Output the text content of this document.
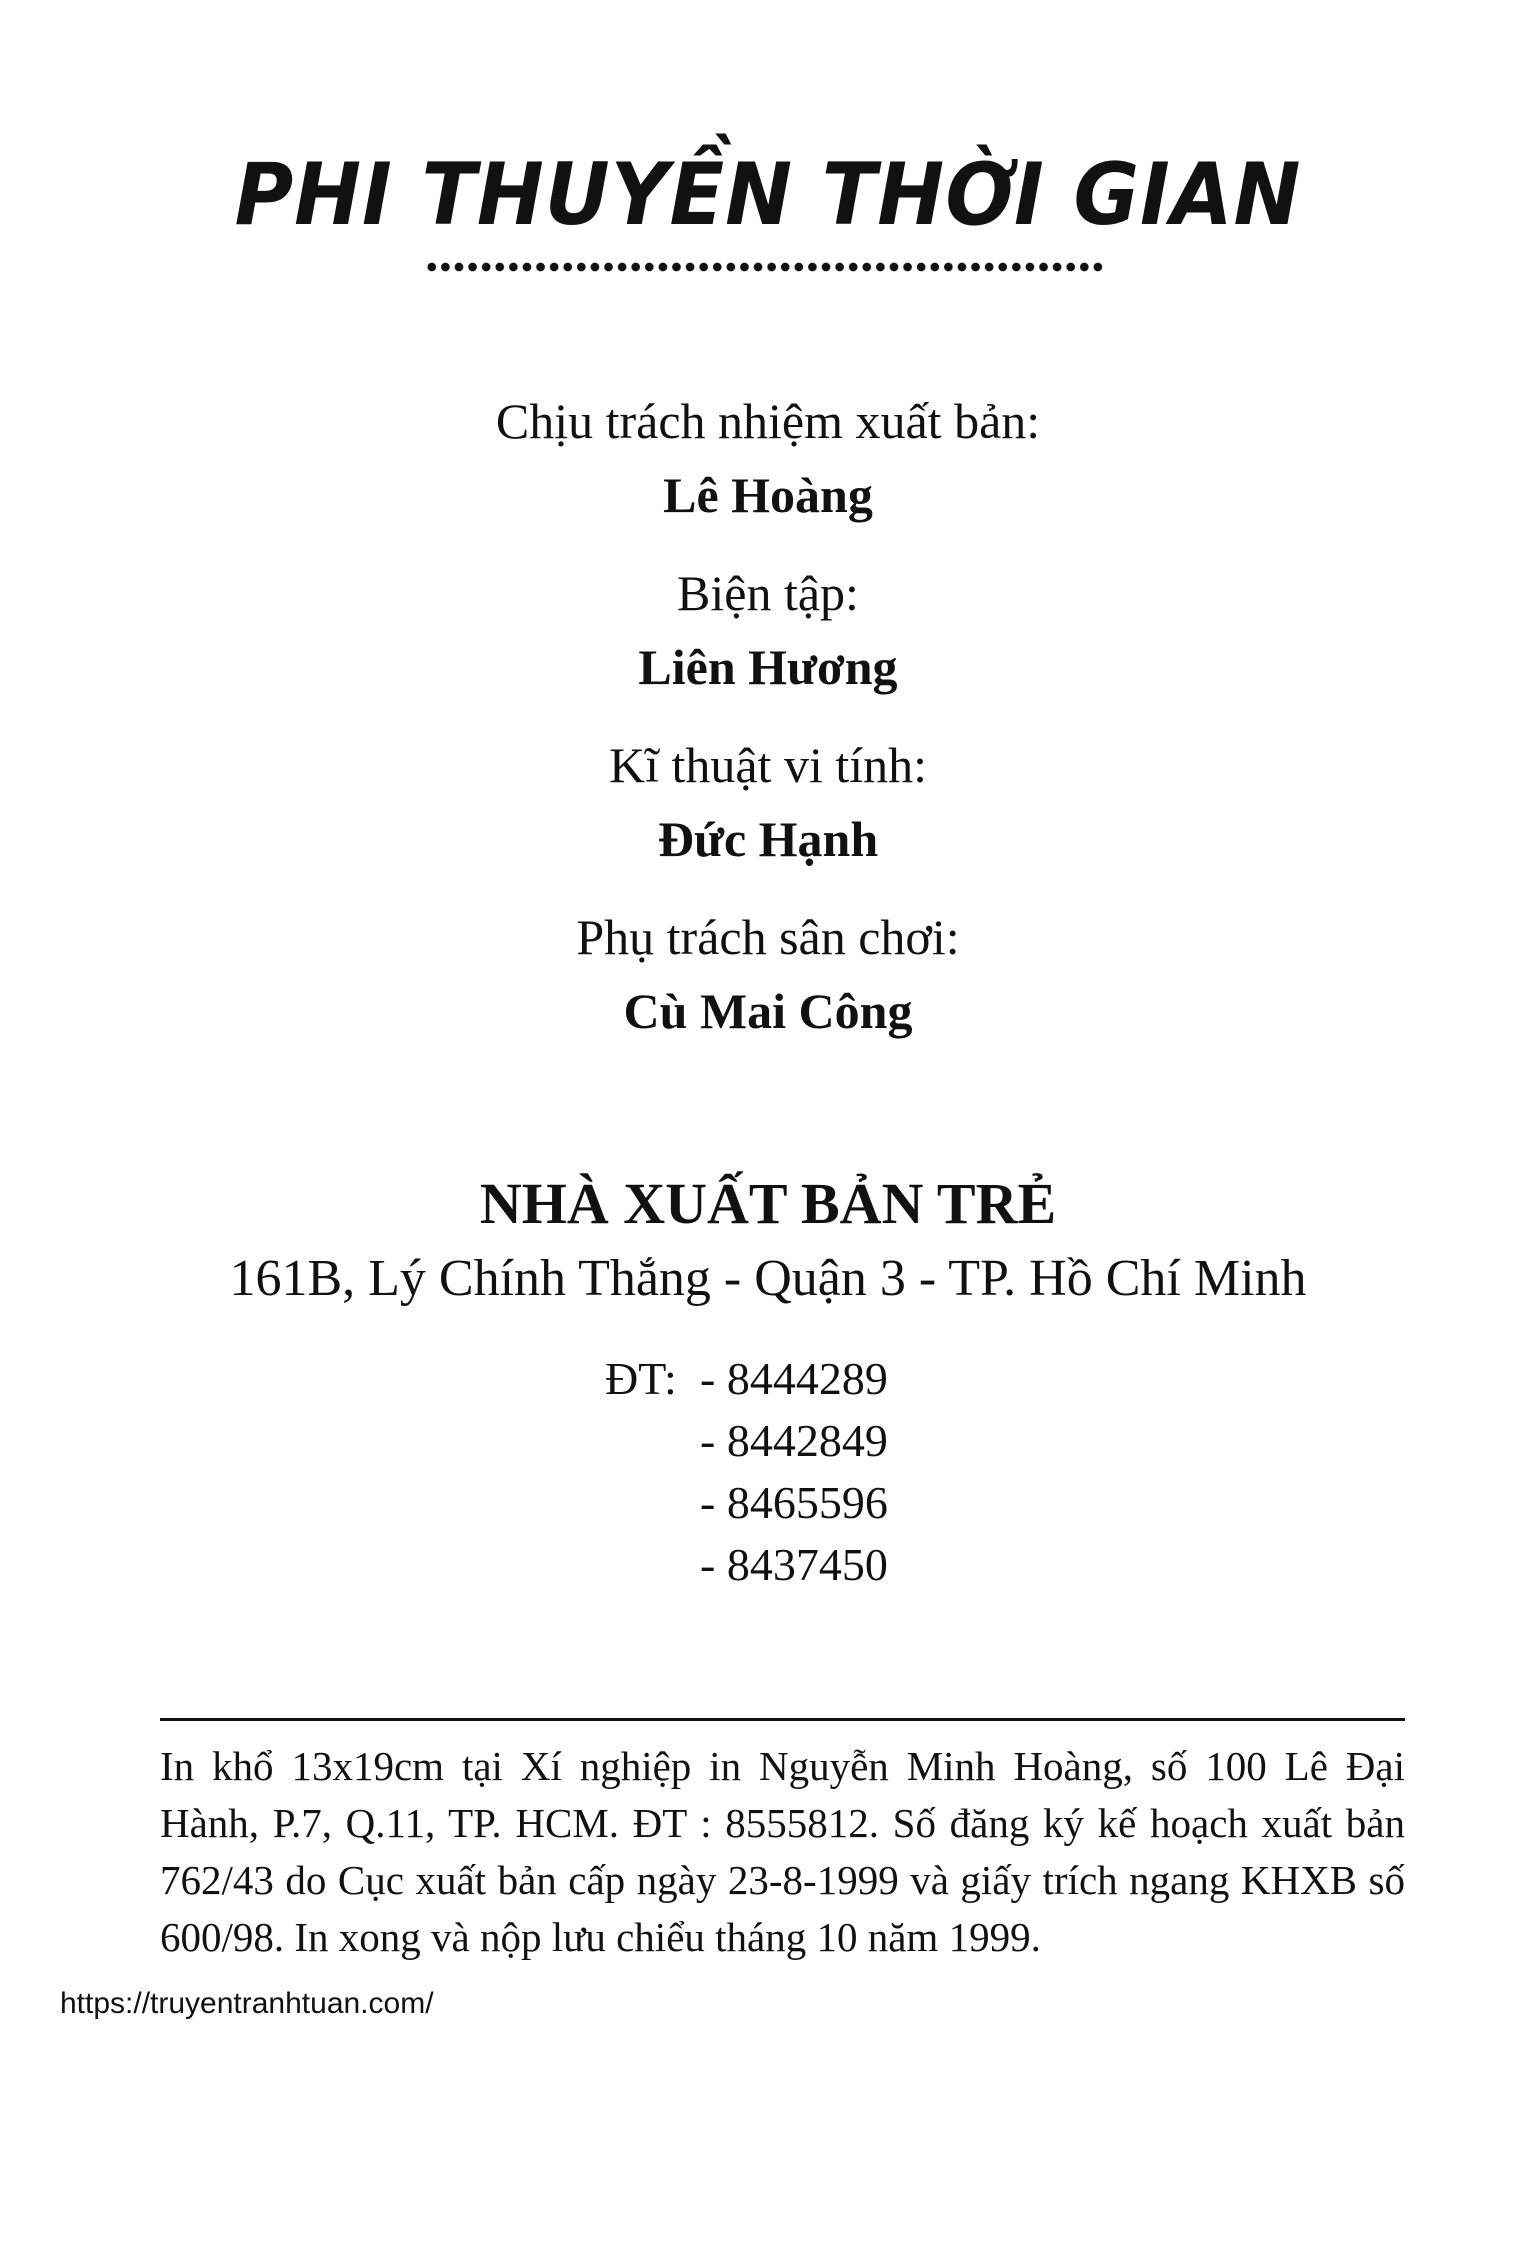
PHI THUYỀN THỜI GIAN
Chịu trách nhiệm xuất bản:
Lê Hoàng
Biện tập:
Liên Hương
Kĩ thuật vi tính:
Đức Hạnh
Phụ trách sân chơi:
Cù Mai Công
NHÀ XUẤT BẢN TRẺ
161B, Lý Chính Thắng - Quận 3 - TP. Hồ Chí Minh
ĐT: - 8444289
- 8442849
- 8465596
- 8437450
In khổ 13x19cm tại Xí nghiệp in Nguyễn Minh Hoàng, số 100 Lê Đại Hành, P.7, Q.11, TP. HCM. ĐT : 8555812. Số đăng ký kế hoạch xuất bản 762/43 do Cục xuất bản cấp ngày 23-8-1999 và giấy trích ngang KHXB số 600/98. In xong và nộp lưu chiểu tháng 10 năm 1999.
https://truyentranhtuan.com/
